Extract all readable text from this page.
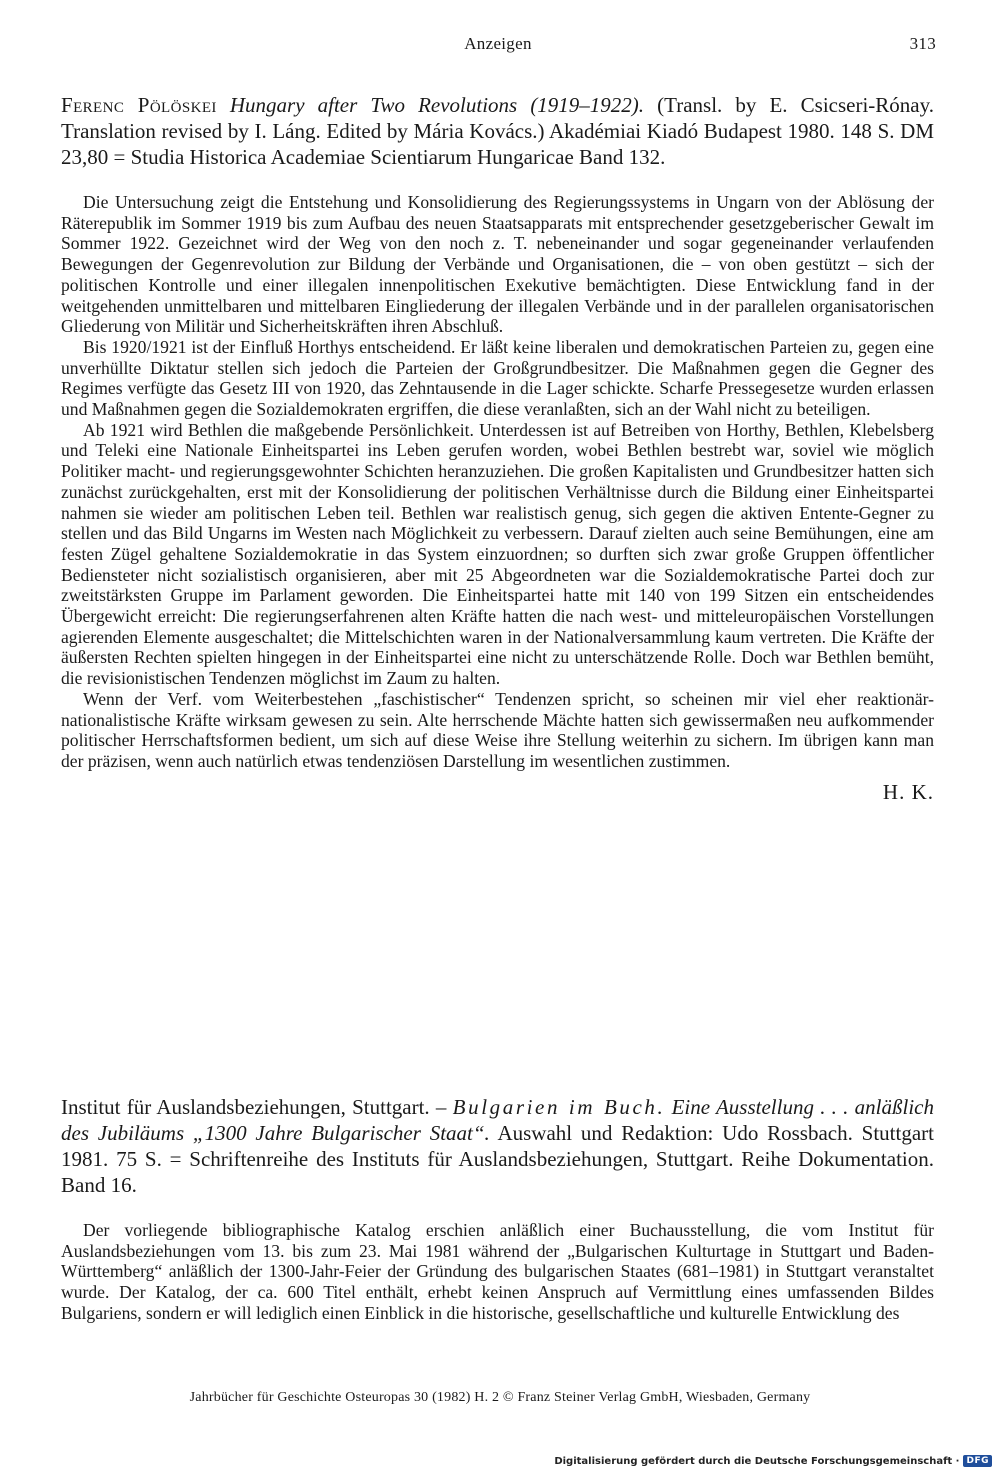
Anzeigen	313

Ferenc Pölöskei Hungary after Two Revolutions (1919–1922). (Transl. by E. Csicseri-Rónay. Translation revised by I. Láng. Edited by Mária Kovács.) Akadémiai Kiadó Budapest 1980. 148 S. DM 23,80 = Studia Historica Academiae Scientiarum Hungaricae Band 132.

Die Untersuchung zeigt die Entstehung und Konsolidierung des Regierungssystems in Ungarn von der Ablösung der Räterepublik im Sommer 1919 bis zum Aufbau des neuen Staatsapparats mit entsprechender gesetzgeberischer Gewalt im Sommer 1922. Gezeichnet wird der Weg von den noch z. T. nebeneinander und sogar gegeneinander verlaufenden Bewegungen der Gegenrevolution zur Bildung der Verbände und Organisationen, die – von oben gestützt – sich der politischen Kontrolle und einer illegalen innenpolitischen Exekutive bemächtigten. Diese Entwicklung fand in der weitgehenden unmittelbaren und mittelbaren Eingliederung der illegalen Verbände und in der parallelen organisatorischen Gliederung von Militär und Sicherheitskräften ihren Abschluß.

Bis 1920/1921 ist der Einfluß Horthys entscheidend. Er läßt keine liberalen und demokratischen Parteien zu, gegen eine unverhüllte Diktatur stellen sich jedoch die Parteien der Großgrundbesitzer. Die Maßnahmen gegen die Gegner des Regimes verfügte das Gesetz III von 1920, das Zehntausende in die Lager schickte. Scharfe Pressegesetze wurden erlassen und Maßnahmen gegen die Sozialdemokraten ergriffen, die diese veranlaßten, sich an der Wahl nicht zu beteiligen.

Ab 1921 wird Bethlen die maßgebende Persönlichkeit. Unterdessen ist auf Betreiben von Horthy, Bethlen, Klebelsberg und Teleki eine Nationale Einheitspartei ins Leben gerufen worden, wobei Bethlen bestrebt war, soviel wie möglich Politiker macht- und regierungsgewohnter Schichten heranzuziehen. Die großen Kapitalisten und Grundbesitzer hatten sich zunächst zurückgehalten, erst mit der Konsolidierung der politischen Verhältnisse durch die Bildung einer Einheitspartei nahmen sie wieder am politischen Leben teil. Bethlen war realistisch genug, sich gegen die aktiven Entente-Gegner zu stellen und das Bild Ungarns im Westen nach Möglichkeit zu verbessern. Darauf zielten auch seine Bemühungen, eine am festen Zügel gehaltene Sozialdemokratie in das System einzuordnen; so durften sich zwar große Gruppen öffentlicher Bediensteter nicht sozialistisch organisieren, aber mit 25 Abgeordneten war die Sozialdemokratische Partei doch zur zweitstärksten Gruppe im Parlament geworden. Die Einheitspartei hatte mit 140 von 199 Sitzen ein entscheidendes Übergewicht erreicht: Die regierungserfahrenen alten Kräfte hatten die nach west- und mitteleuropäischen Vorstellungen agierenden Elemente ausgeschaltet; die Mittelschichten waren in der Nationalversammlung kaum vertreten. Die Kräfte der äußersten Rechten spielten hingegen in der Einheitspartei eine nicht zu unterschätzende Rolle. Doch war Bethlen bemüht, die revisionistischen Tendenzen möglichst im Zaum zu halten.

Wenn der Verf. vom Weiterbestehen „faschistischer“ Tendenzen spricht, so scheinen mir viel eher reaktionär-nationalistische Kräfte wirksam gewesen zu sein. Alte herrschende Mächte hatten sich gewissermaßen neu aufkommender politischer Herrschaftsformen bedient, um sich auf diese Weise ihre Stellung weiterhin zu sichern. Im übrigen kann man der präzisen, wenn auch natürlich etwas tendenziösen Darstellung im wesentlichen zustimmen.

H. K.

Institut für Auslandsbeziehungen, Stuttgart. – Bulgarien im Buch. Eine Ausstellung . . . anläßlich des Jubiläums „1300 Jahre Bulgarischer Staat“. Auswahl und Redaktion: Udo Rossbach. Stuttgart 1981. 75 S. = Schriftenreihe des Instituts für Auslandsbeziehungen, Stuttgart. Reihe Dokumentation. Band 16.

Der vorliegende bibliographische Katalog erschien anläßlich einer Buchausstellung, die vom Institut für Auslandsbeziehungen vom 13. bis zum 23. Mai 1981 während der „Bulgarischen Kulturtage in Stuttgart und Baden-Württemberg“ anläßlich der 1300-Jahr-Feier der Gründung des bulgarischen Staates (681–1981) in Stuttgart veranstaltet wurde. Der Katalog, der ca. 600 Titel enthält, erhebt keinen Anspruch auf Vermittlung eines umfassenden Bildes Bulgariens, sondern er will lediglich einen Einblick in die historische, gesellschaftliche und kulturelle Entwicklung des

Jahrbücher für Geschichte Osteuropas 30 (1982) H. 2 © Franz Steiner Verlag GmbH, Wiesbaden, Germany
Digitalisierung gefördert durch die Deutsche Forschungsgemeinschaft · DFG
